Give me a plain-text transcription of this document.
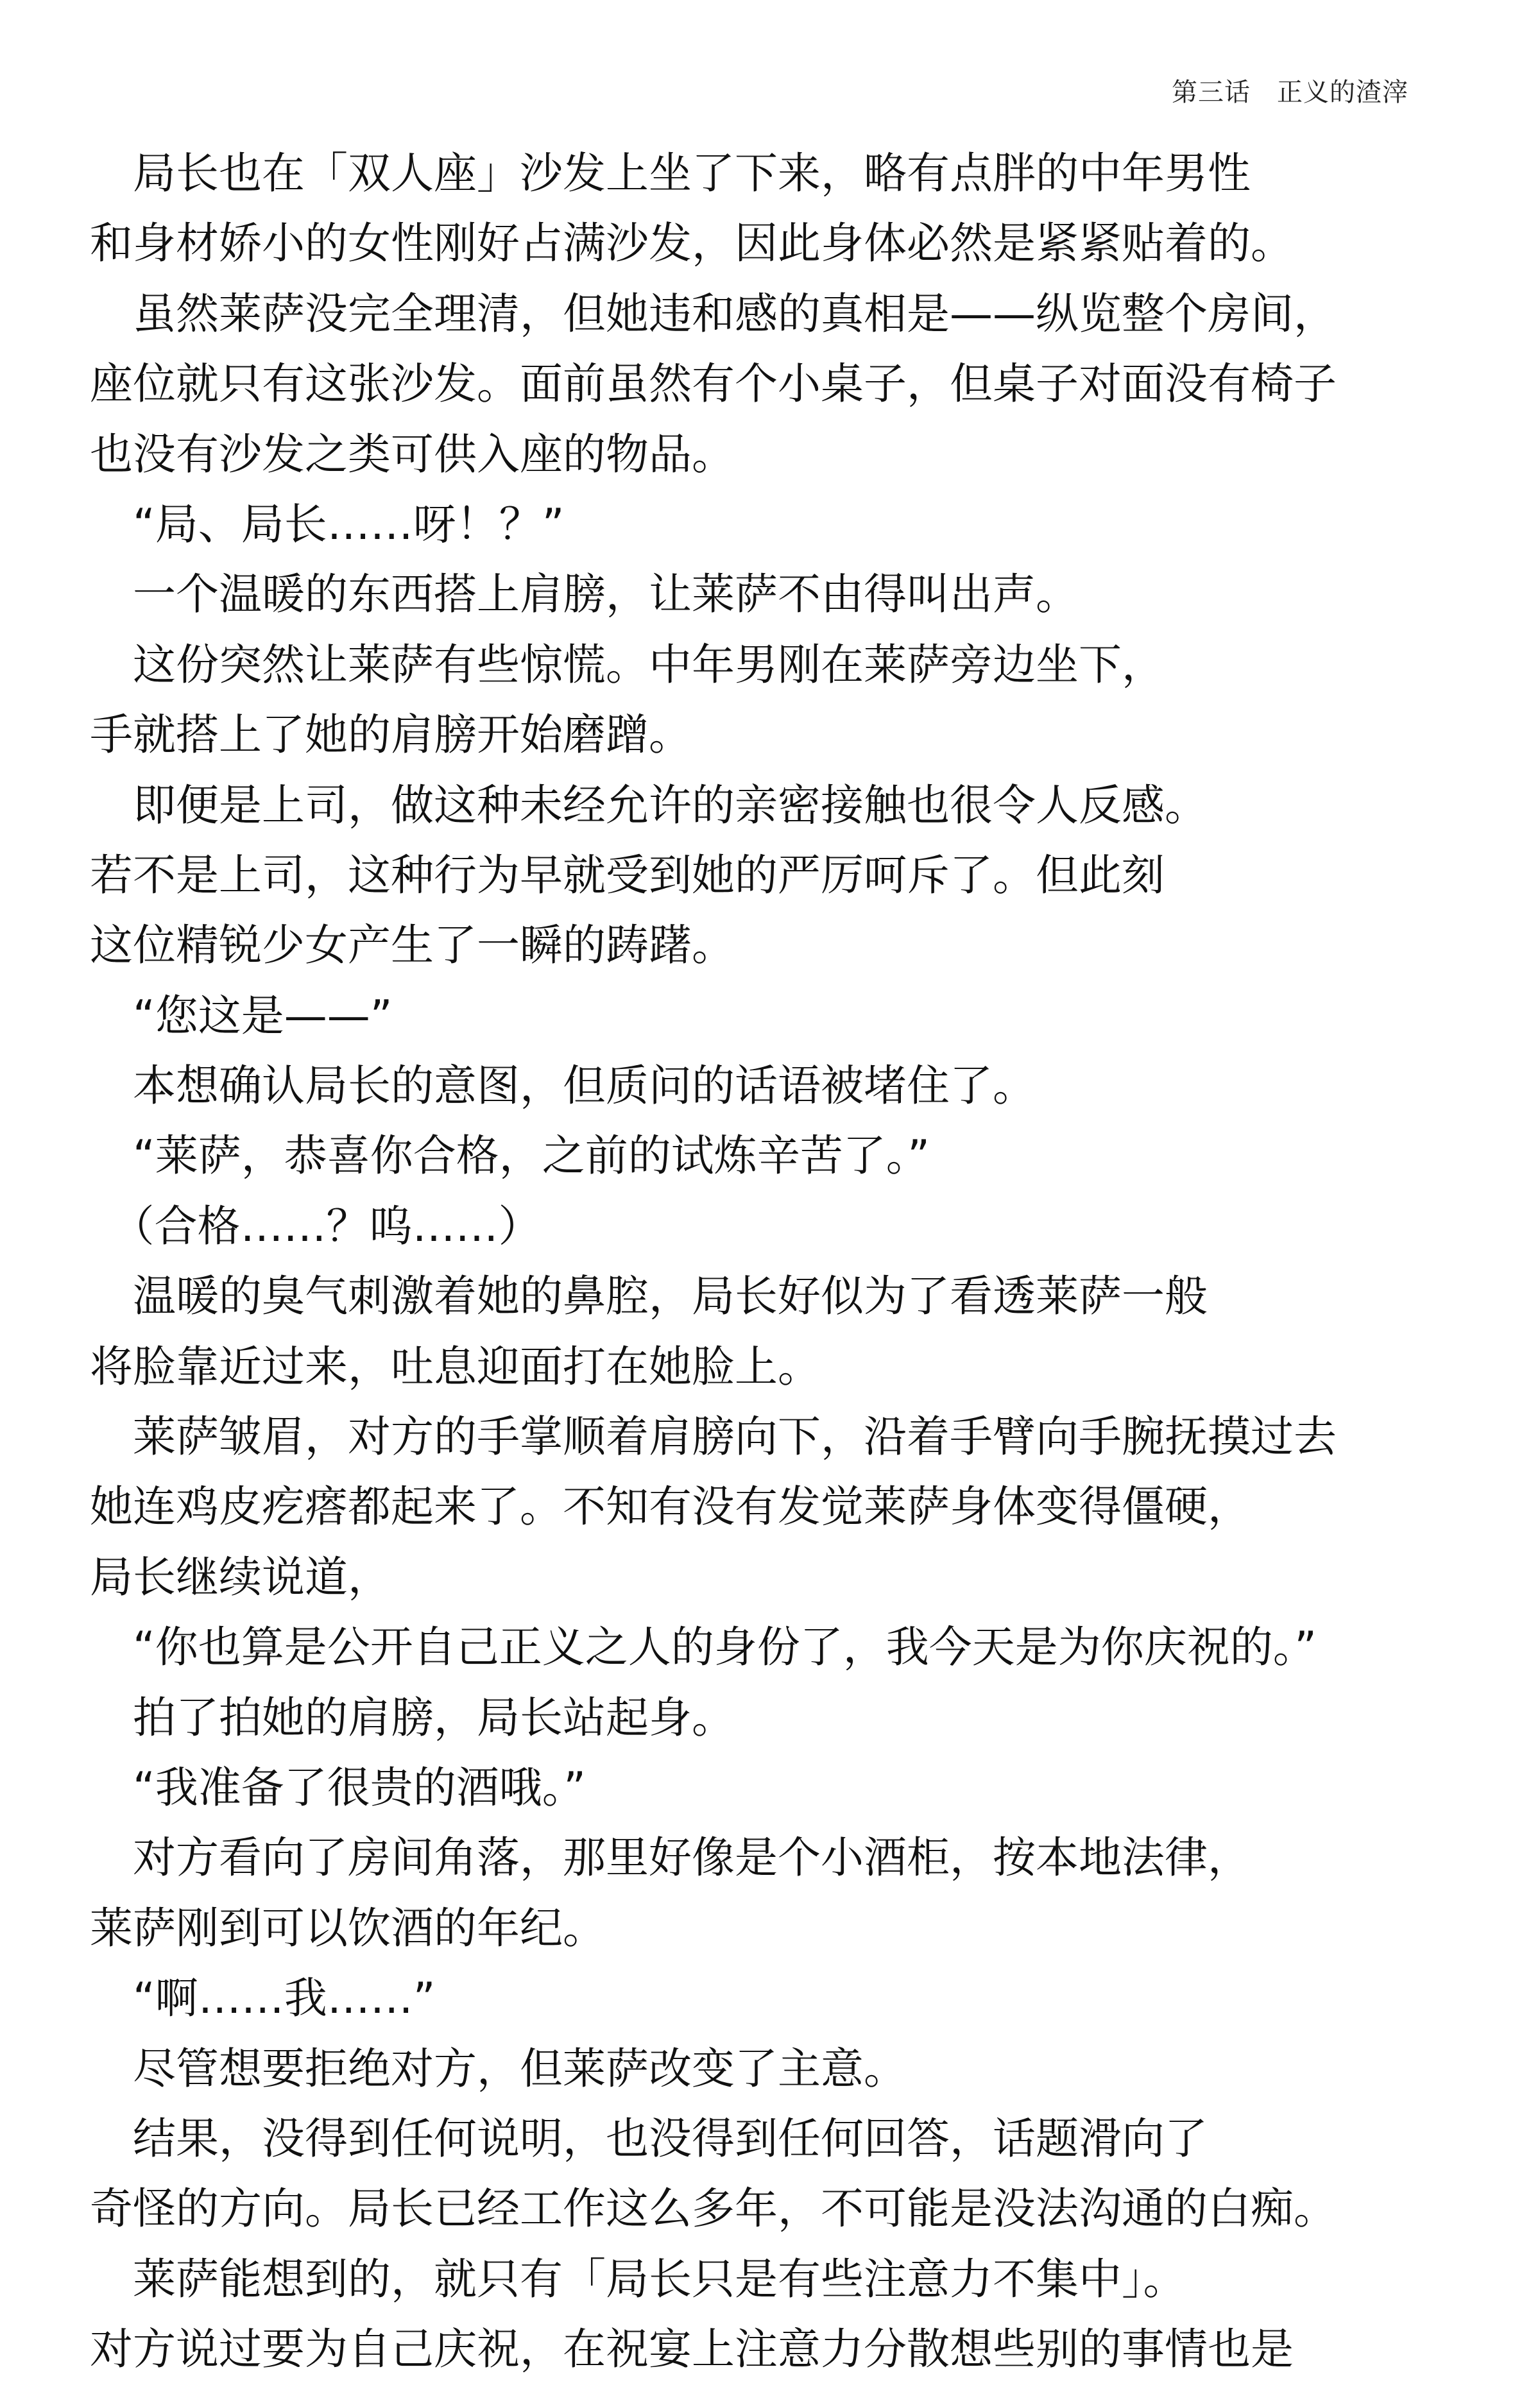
第三话　正义的渣滓
　局长也在「双人座」沙发上坐了下来，略有点胖的中年男性
和身材娇小的女性刚好占满沙发，因此身体必然是紧紧贴着的。
　虽然莱萨没完全理清，但她违和感的真相是——纵览整个房间，
座位就只有这张沙发。面前虽然有个小桌子，但桌子对面没有椅子
也没有沙发之类可供入座的物品。
　“局、局长……呀！？”
　一个温暖的东西搭上肩膀，让莱萨不由得叫出声。
　这份突然让莱萨有些惊慌。中年男刚在莱萨旁边坐下，
手就搭上了她的肩膀开始磨蹭。
　即便是上司，做这种未经允许的亲密接触也很令人反感。
若不是上司，这种行为早就受到她的严厉呵斥了。但此刻
这位精锐少女产生了一瞬的踌躇。
　“您这是——”
　本想确认局长的意图，但质问的话语被堵住了。
　“莱萨，恭喜你合格，之前的试炼辛苦了。”
　（合格……？呜……）
　温暖的臭气刺激着她的鼻腔，局长好似为了看透莱萨一般
将脸靠近过来，吐息迎面打在她脸上。
　莱萨皱眉，对方的手掌顺着肩膀向下，沿着手臂向手腕抚摸过去
她连鸡皮疙瘩都起来了。不知有没有发觉莱萨身体变得僵硬，
局长继续说道，
　“你也算是公开自己正义之人的身份了，我今天是为你庆祝的。”
　拍了拍她的肩膀，局长站起身。
　“我准备了很贵的酒哦。”
　对方看向了房间角落，那里好像是个小酒柜，按本地法律，
莱萨刚到可以饮酒的年纪。
　“啊……我……”
　尽管想要拒绝对方，但莱萨改变了主意。
　结果，没得到任何说明，也没得到任何回答，话题滑向了
奇怪的方向。局长已经工作这么多年，不可能是没法沟通的白痴。
　莱萨能想到的，就只有「局长只是有些注意力不集中」。
对方说过要为自己庆祝，在祝宴上注意力分散想些别的事情也是
